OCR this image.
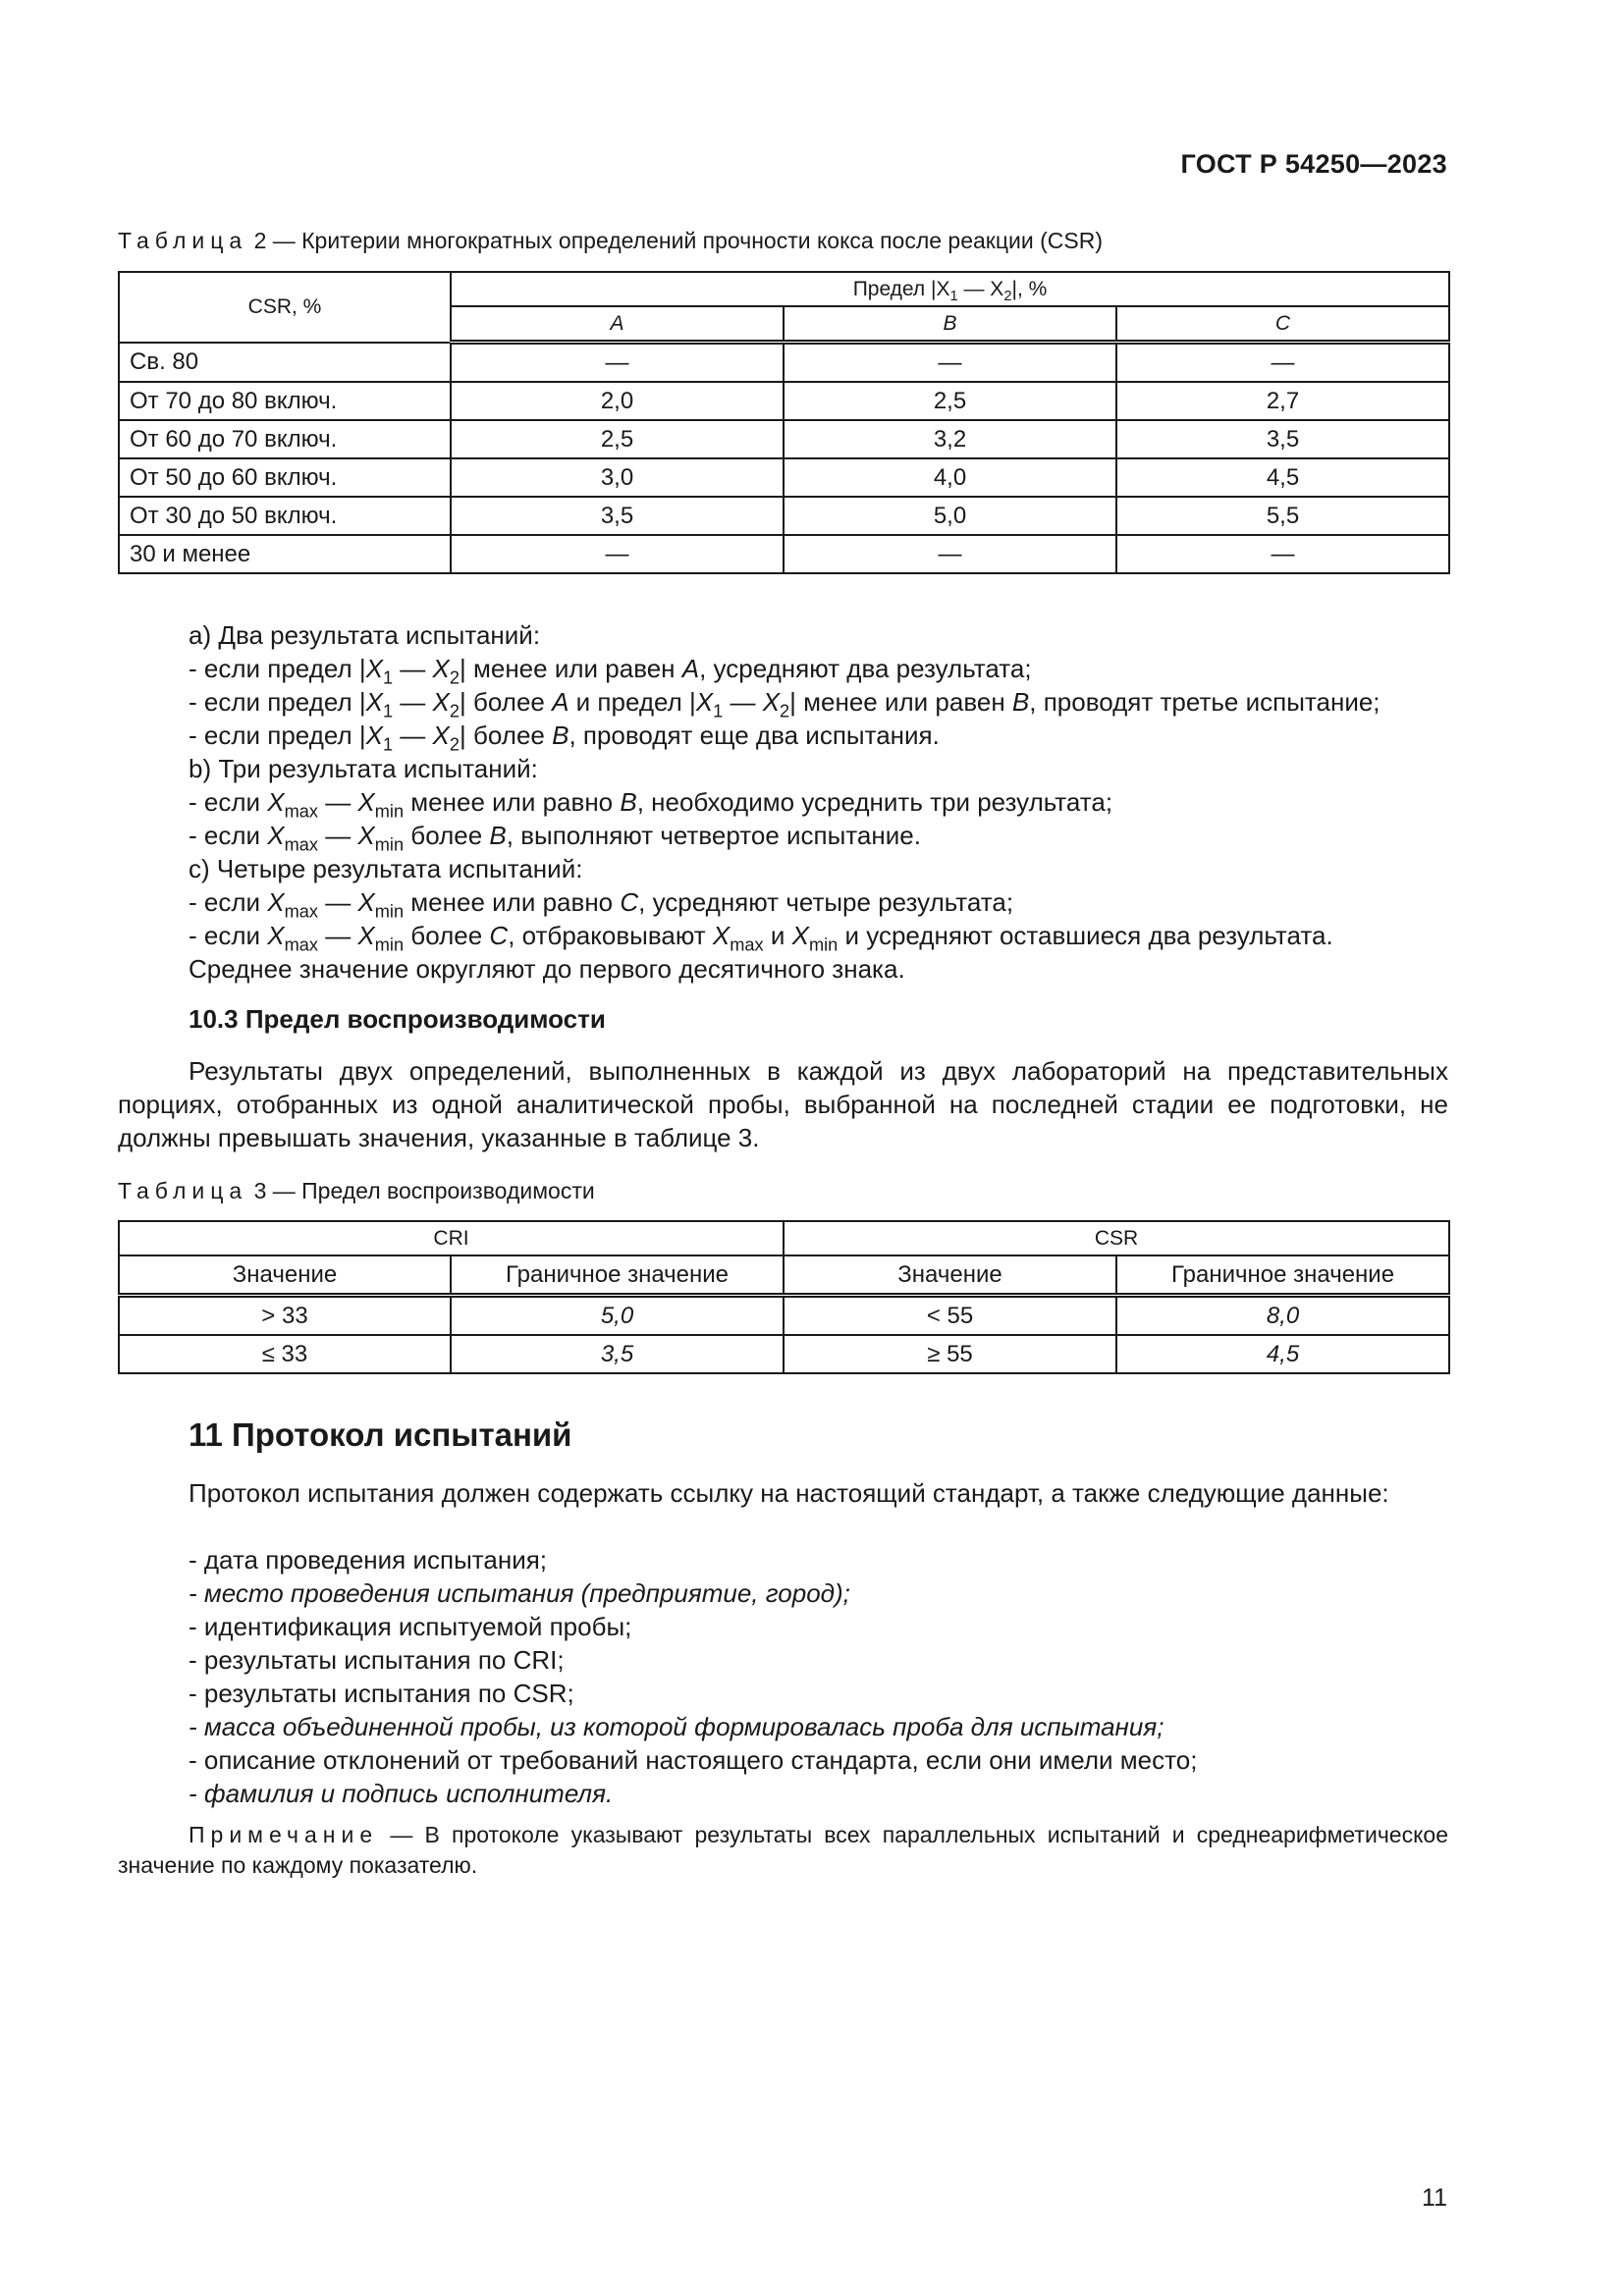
ГОСТ Р 54250—2023
Таблица 2 — Критерии многократных определений прочности кокса после реакции (CSR)
CSR, %	Предел $|X_1$ — $X_2|$, %		
	A	B	C
Св. 80	—	—	—
От 70 до 80 включ.	2,0	2,5	2,7
От 60 до 70 включ.	2,5	3,2	3,5
От 50 до 60 включ.	3,0	4,0	4,5
От 30 до 50 включ.	3,5	5,0	5,5
30 и менее	—	—	—
а) Два результата испытаний:
- если предел $|X_1$ — $X_2|$ менее или равен A, усредняют два результата;
- если предел $|X_1$ — $X_2|$ более A и предел $|X_1$ — $X_2|$ менее или равен B, проводят третье испытание;
- если предел $|X_1$ — $X_2|$ более B, проводят еще два испытания.
b) Три результата испытаний:
- если $X_{max}$ — $X_{min}$ менее или равно B, необходимо усреднить три результата;
- если $X_{max}$ — $X_{min}$ более B, выполняют четвертое испытание.
c) Четыре результата испытаний:
- если $X_{max}$ — $X_{min}$ менее или равно C, усредняют четыре результата;
- если $X_{max}$ — $X_{min}$ более C, отбраковывают $X_{max}$ и $X_{min}$ и усредняют оставшиеся два результата.
Среднее значение округляют до первого десятичного знака.
10.3 Предел воспроизводимости
Результаты двух определений, выполненных в каждой из двух лабораторий на представительных порциях, отобранных из одной аналитической пробы, выбранной на последней стадии ее подготовки, не должны превышать значения, указанные в таблице 3.
Таблица 3 — Предел воспроизводимости
CRI		CSR	
Значение	Граничное значение	Значение	Граничное значение
> 33	5,0	< 55	8,0
≤ 33	3,5	≥ 55	4,5
11 Протокол испытаний
Протокол испытания должен содержать ссылку на настоящий стандарт, а также следующие данные:
- дата проведения испытания;
- место проведения испытания (предприятие, город);
- идентификация испытуемой пробы;
- результаты испытания по CRI;
- результаты испытания по CSR;
- масса объединенной пробы, из которой формировалась проба для испытания;
- описание отклонений от требований настоящего стандарта, если они имели место;
- фамилия и подпись исполнителя.
Примечание — В протоколе указывают результаты всех параллельных испытаний и среднеарифметическое значение по каждому показателю.
11
